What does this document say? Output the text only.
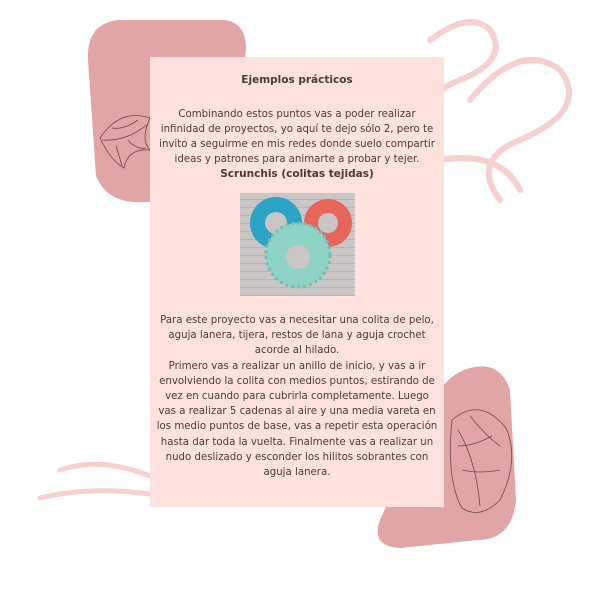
Ejemplos prácticos

Combinando estos puntos vas a poder realizar infinidad de proyectos, yo aquí te dejo sólo 2, pero te invito a seguirme en mis redes donde suelo compartir ideas y patrones para animarte a probar y tejer.

Scrunchis (colitas tejidas)

Para este proyecto vas a necesitar una colita de pelo, aguja lanera, tijera, restos de lana y aguja crochet acorde al hilado.

Primero vas a realizar un anillo de inicio, y vas a ir envolviendo la colita con medios puntos, estirando de vez en cuando para cubrirla completamente. Luego vas a realizar 5 cadenas al aire y una media vareta en los medio puntos de base, vas a repetir esta operación hasta dar toda la vuelta. Finalmente vas a realizar un nudo deslizado y esconder los hilitos sobrantes con aguja lanera.
